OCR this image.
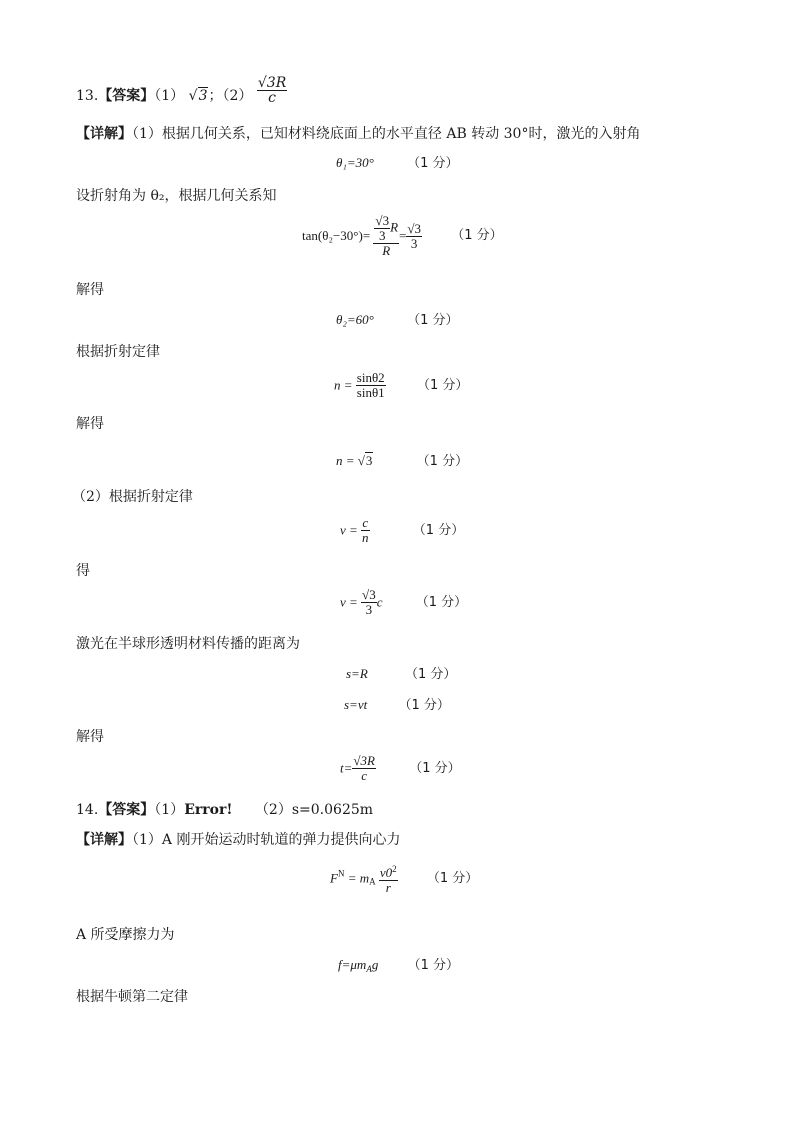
13.【答案】（1） √3；$(2) \frac{√3R}{c}$
【详解】（1）根据几何关系，已知材料绕底面上的水平直径 AB 转动 30°时，激光的入射角
θ₁=30°	（1 分）
设折射角为 θ₂，根据几何关系知
$\tan(\theta_2-30^\circ)= \frac{\frac{√3}{3} R}{R} = \frac{√3}{3} (1$ 分）
解得
θ₂=60°	（1 分）
根据折射定律
$n = \frac{\sin\theta 2}{\sin\theta 1} (1$ 分）
解得
n = √3	（1 分）
（2）根据折射定律
$v = \frac{c}{n}$	（1 分）
得
$v = \frac{√3}{3}$ c	（1 分）
激光在半球形透明材料传播的距离为
s=R	（1 分）
s=vt （1 分）
解得
$t= \frac{√3R}{c}$	（1 分）
14.【答案】（1）Error! （2）s=0.0625m
【详解】（1）A 刚开始运动时轨道的弹力提供向心力
$F^N = m_A \frac{v0^2}{r} (1$ 分）
A 所受摩擦力为
$f=\mu m_Ag$ （1 分）
根据牛顿第二定律
